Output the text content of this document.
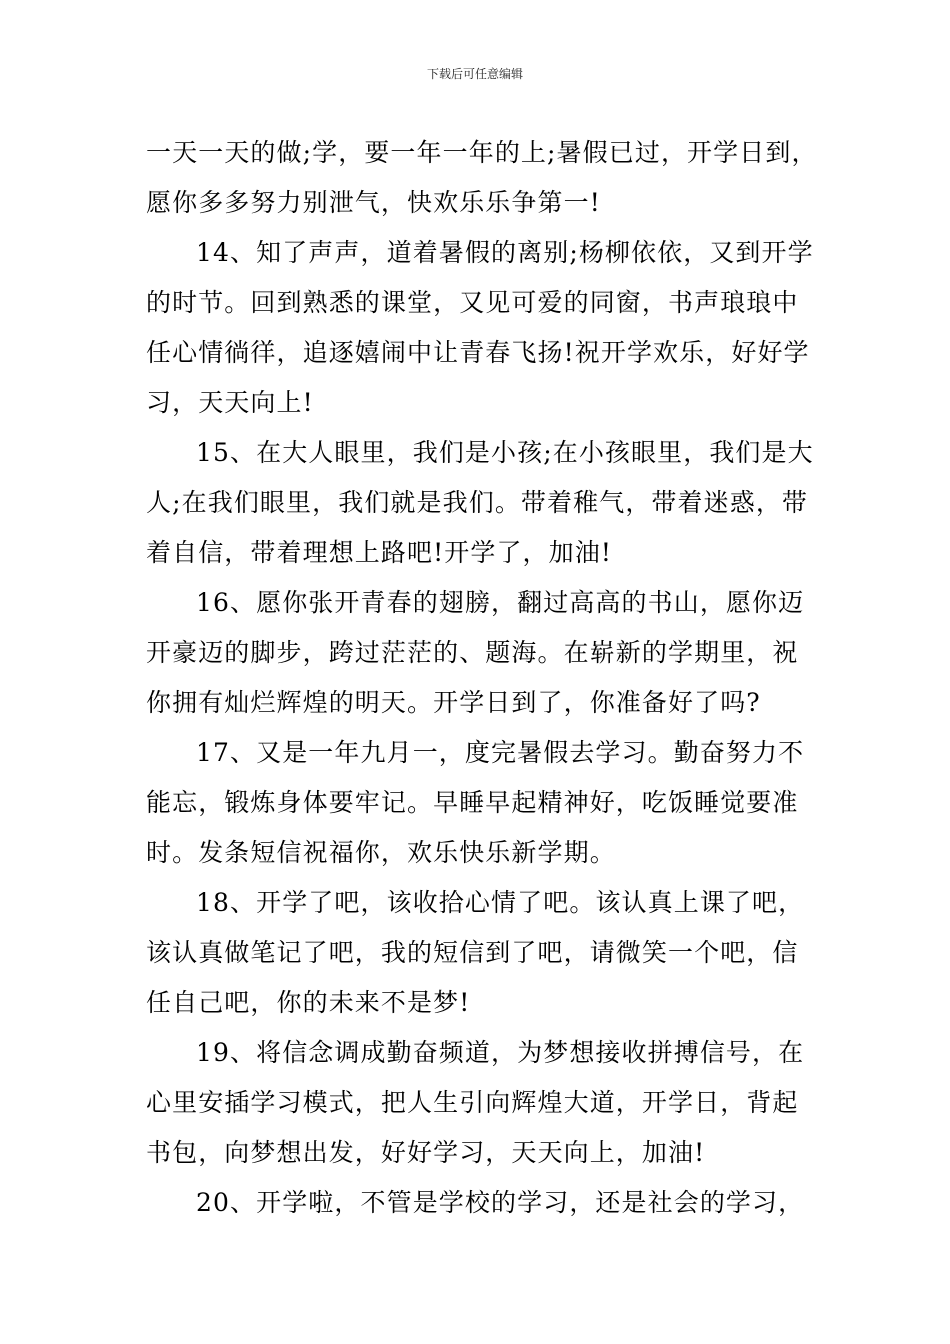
下载后可任意编辑

一天一天的做;学，要一年一年的上;暑假已过，开学日到，
愿你多多努力别泄气，快欢乐乐争第一!

14、知了声声，道着暑假的离别;杨柳依依，又到开学
的时节。回到熟悉的课堂，又见可爱的同窗，书声琅琅中
任心情徜徉，追逐嬉闹中让青春飞扬!祝开学欢乐，好好学
习，天天向上!

15、在大人眼里，我们是小孩;在小孩眼里，我们是大
人;在我们眼里，我们就是我们。带着稚气，带着迷惑，带
着自信，带着理想上路吧!开学了，加油!

16、愿你张开青春的翅膀，翻过高高的书山，愿你迈
开豪迈的脚步，跨过茫茫的、题海。在崭新的学期里，祝
你拥有灿烂辉煌的明天。开学日到了，你准备好了吗?

17、又是一年九月一，度完暑假去学习。勤奋努力不
能忘，锻炼身体要牢记。早睡早起精神好，吃饭睡觉要准
时。发条短信祝福你，欢乐快乐新学期。

18、开学了吧，该收拾心情了吧。该认真上课了吧，
该认真做笔记了吧，我的短信到了吧，请微笑一个吧，信
任自己吧，你的未来不是梦!

19、将信念调成勤奋频道，为梦想接收拼搏信号，在
心里安插学习模式，把人生引向辉煌大道，开学日，背起
书包，向梦想出发，好好学习，天天向上，加油!

20、开学啦，不管是学校的学习，还是社会的学习，
